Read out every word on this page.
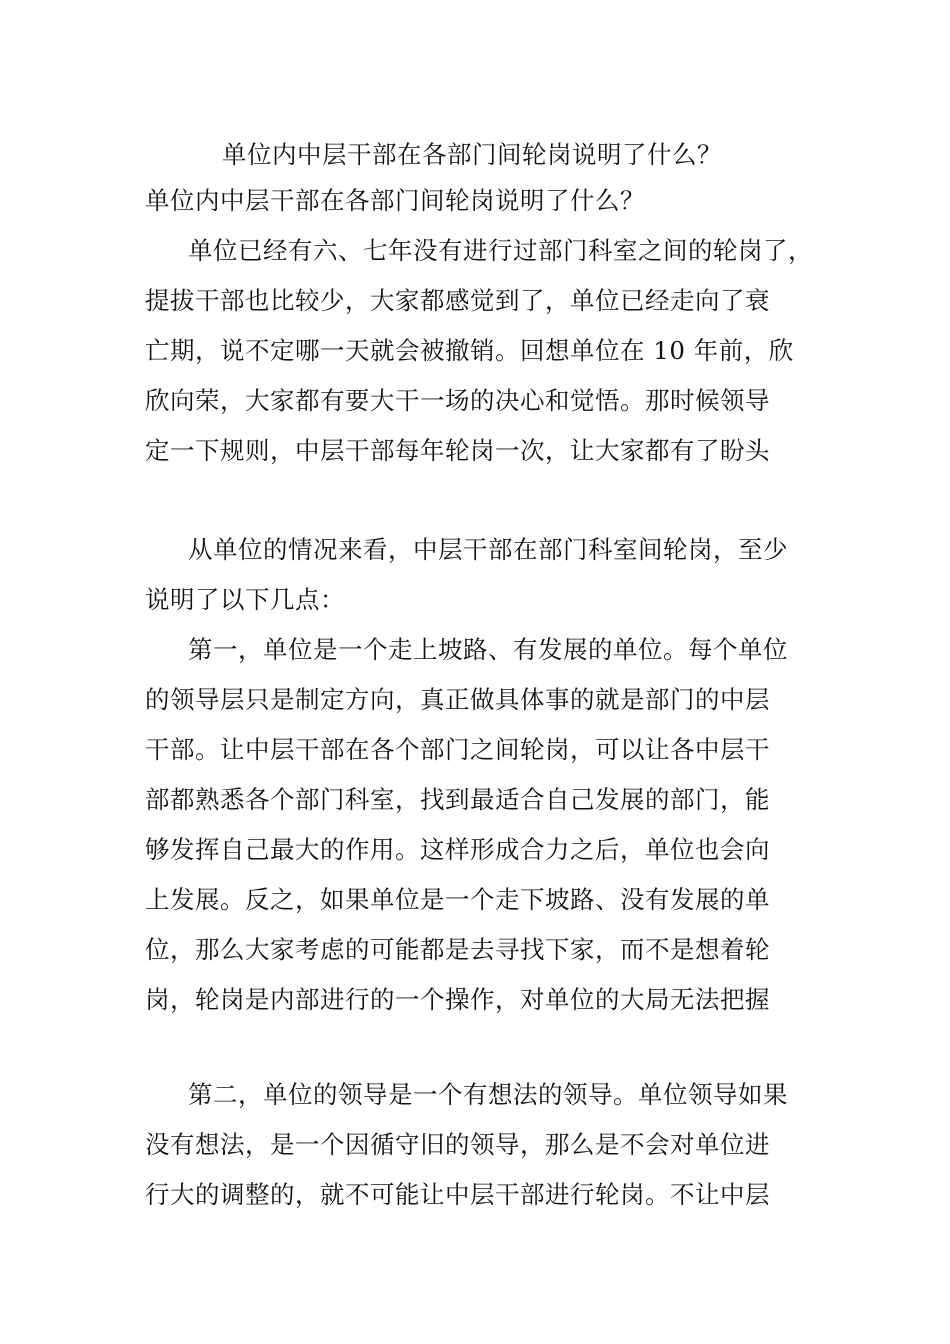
单位内中层干部在各部门间轮岗说明了什么？
单位内中层干部在各部门间轮岗说明了什么？
单位已经有六、七年没有进行过部门科室之间的轮岗了，
提拔干部也比较少，大家都感觉到了，单位已经走向了衰
亡期，说不定哪一天就会被撤销。回想单位在 10 年前，欣
欣向荣，大家都有要大干一场的决心和觉悟。那时候领导
定一下规则，中层干部每年轮岗一次，让大家都有了盼头
从单位的情况来看，中层干部在部门科室间轮岗，至少
说明了以下几点：
第一，单位是一个走上坡路、有发展的单位。每个单位
的领导层只是制定方向，真正做具体事的就是部门的中层
干部。让中层干部在各个部门之间轮岗，可以让各中层干
部都熟悉各个部门科室，找到最适合自己发展的部门，能
够发挥自己最大的作用。这样形成合力之后，单位也会向
上发展。反之，如果单位是一个走下坡路、没有发展的单
位，那么大家考虑的可能都是去寻找下家，而不是想着轮
岗，轮岗是内部进行的一个操作，对单位的大局无法把握
第二，单位的领导是一个有想法的领导。单位领导如果
没有想法，是一个因循守旧的领导，那么是不会对单位进
行大的调整的，就不可能让中层干部进行轮岗。不让中层
